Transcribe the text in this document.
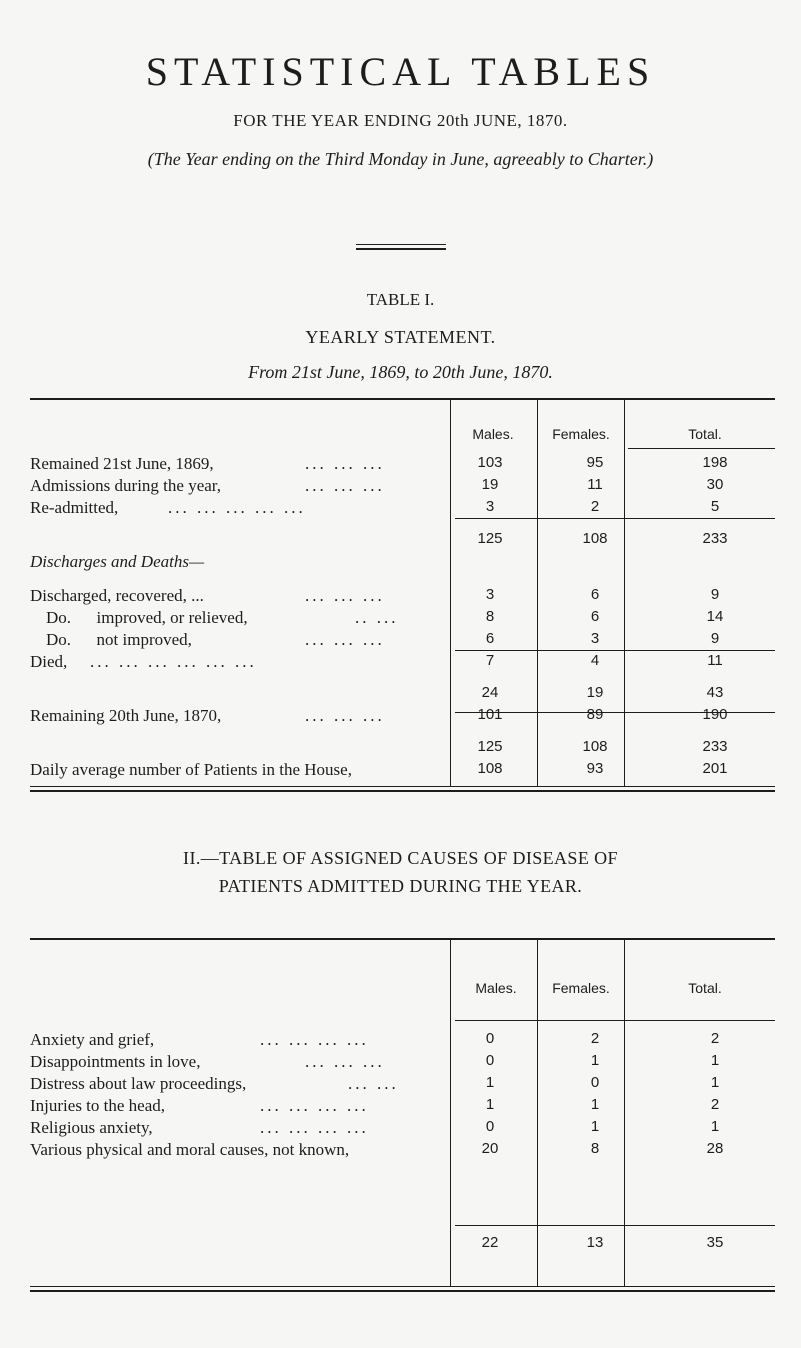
STATISTICAL TABLES
FOR THE YEAR ENDING 20th JUNE, 1870.
(The Year ending on the Third Monday in June, agreeably to Charter.)
TABLE I.
YEARLY STATEMENT.
From 21st June, 1869, to 20th June, 1870.
Males.	Females.	Total.
Remained 21st June, 1869,	... ... ...	103	95	198
Admissions during the year,	... ... ...	19	11	30
Re-admitted,	... ... ... ... ...	3	2	5
125	108	233
Discharges and Deaths—
Discharged, recovered, ...	... ... ...	3	6	9
Do.      improved, or relieved,	.. ...	8	6	14
Do.      not improved,	... ... ...	6	3	9
Died, ... ... ... ... ... ...	7	4	11
24	19	43
Remaining 20th June, 1870,	... ... ...	101	89	190
125	108	233
Daily average number of Patients in the House,	108	93	201
II.—TABLE OF ASSIGNED CAUSES OF DISEASE OF
PATIENTS ADMITTED DURING THE YEAR.
Males.	Females.	Total.
Anxiety and grief,	... ... ... ...	0	2	2
Disappointments in love,	... ... ...	0	1	1
Distress about law proceedings,	... ...	1	0	1
Injuries to the head,	... ... ... ...	1	1	2
Religious anxiety,	... ... ... ...	0	1	1
Various physical and moral causes, not known,	20	8	28
22	13	35
